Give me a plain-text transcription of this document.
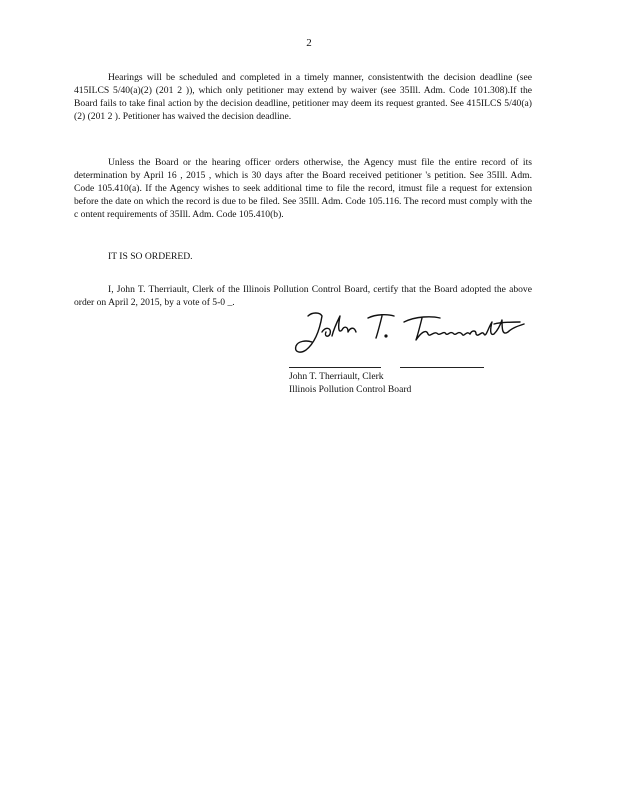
2

Hearings will be scheduled and completed in a timely manner, consistentwith the decision deadline (see 415ILCS 5/40(a)(2) (201 2 )), which only petitioner may extend by waiver (see 35Ill. Adm. Code 101.308).If the Board fails to take final action by the decision deadline, petitioner may deem its request granted. See 415ILCS 5/40(a)(2) (201 2 ). Petitioner has waived the decision deadline.

Unless the Board or the hearing officer orders otherwise, the Agency must file the entire record of its determination by April 16 , 2015 , which is 30 days after the Board received petitioner 's petition. See 35Ill. Adm. Code 105.410(a). If the Agency wishes to seek additional time to file the record, itmust file a request for extension before the date on which the record is due to be filed. See 35Ill. Adm. Code 105.116. The record must comply with the c ontent requirements of 35Ill. Adm. Code 105.410(b).

IT IS SO ORDERED.

I, John T. Therriault, Clerk of the Illinois Pollution Control Board, certify that the Board adopted the above order on April 2, 2015, by a vote of 5-0 _.

John T. Therriault, Clerk
Illinois Pollution Control Board
